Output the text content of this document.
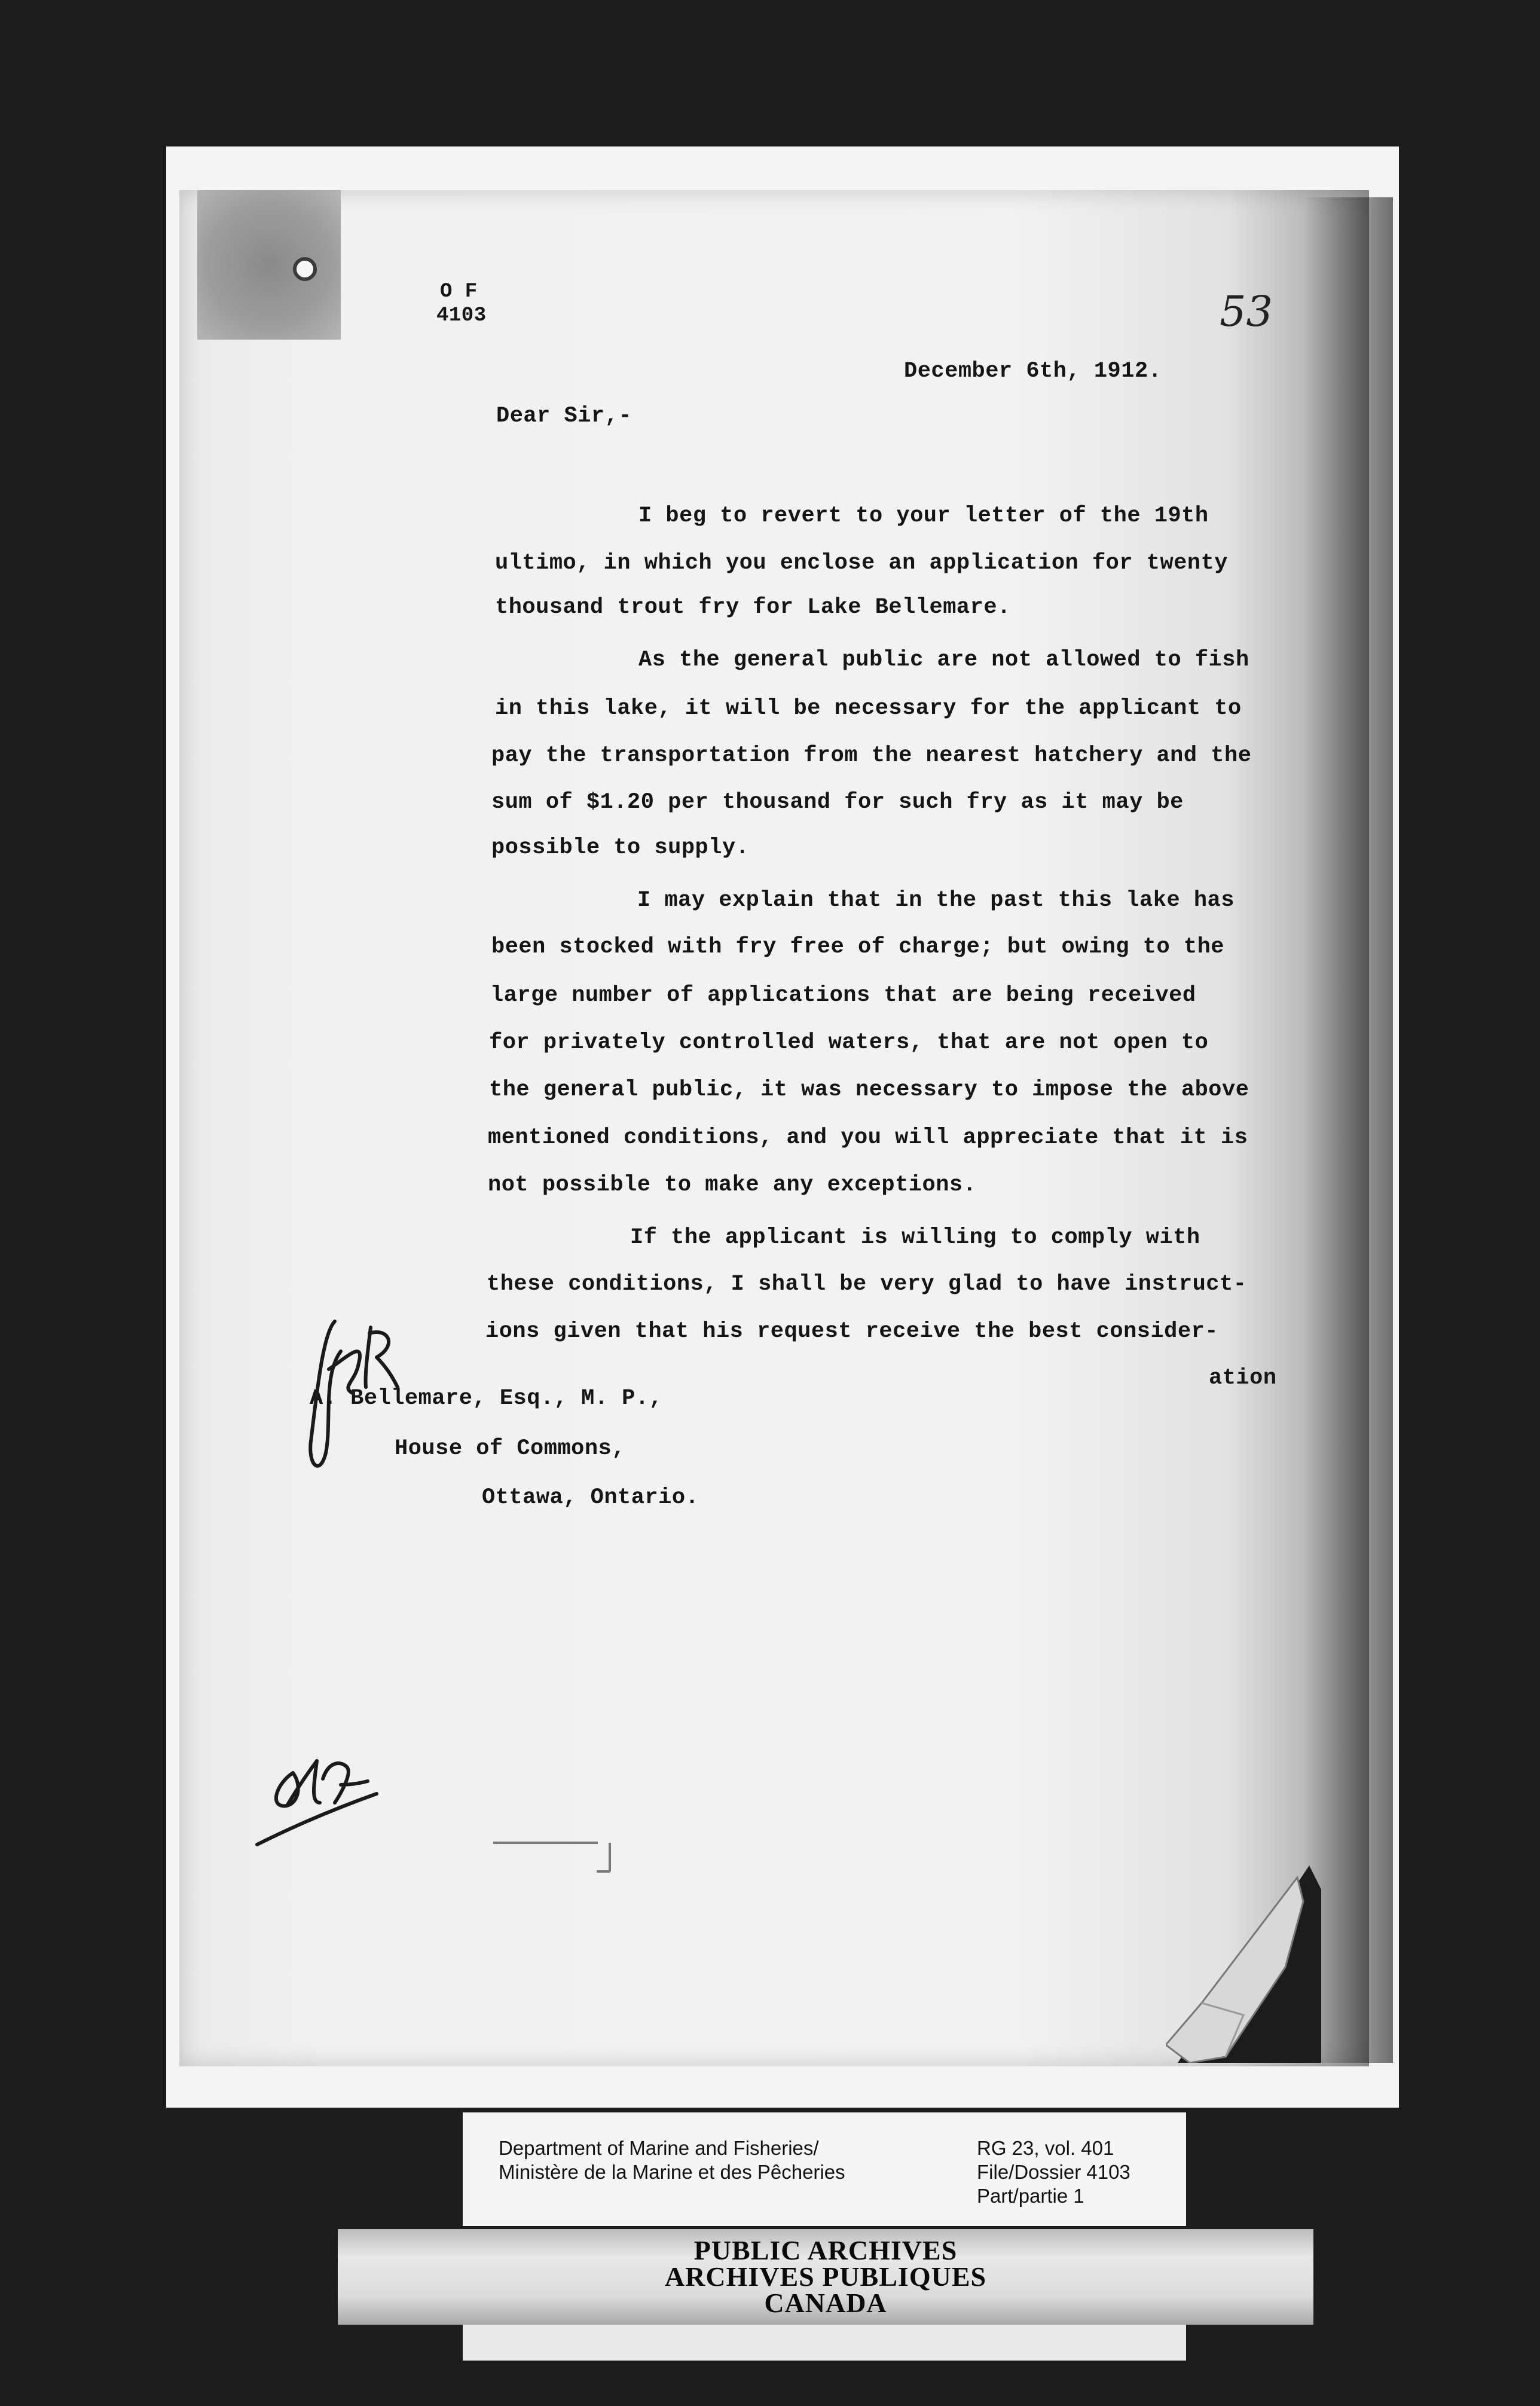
O F
4103	53
December 6th, 1912.
Dear Sir,-
I beg to revert to your letter of the 19th
ultimo, in which you enclose an application for twenty
thousand trout fry for Lake Bellemare.
As the general public are not allowed to fish
in this lake, it will be necessary for the applicant to
pay the transportation from the nearest hatchery and the
sum of $1.20 per thousand for such fry as it may be
possible to supply.
I may explain that in the past this lake has
been stocked with fry free of charge; but owing to the
large number of applications that are being received
for privately controlled waters, that are not open to
the general public, it was necessary to impose the above
mentioned conditions, and you will appreciate that it is
not possible to make any exceptions.
If the applicant is willing to comply with
these conditions, I shall be very glad to have instruct-
ions given that his request receive the best consider-
ation
A. Bellemare, Esq., M. P.,
House of Commons,
Ottawa, Ontario.
Department of Marine and Fisheries/
Ministère de la Marine et des Pêcheries
RG 23, vol. 401
File/Dossier 4103
Part/partie 1
PUBLIC ARCHIVES
ARCHIVES PUBLIQUES
CANADA
